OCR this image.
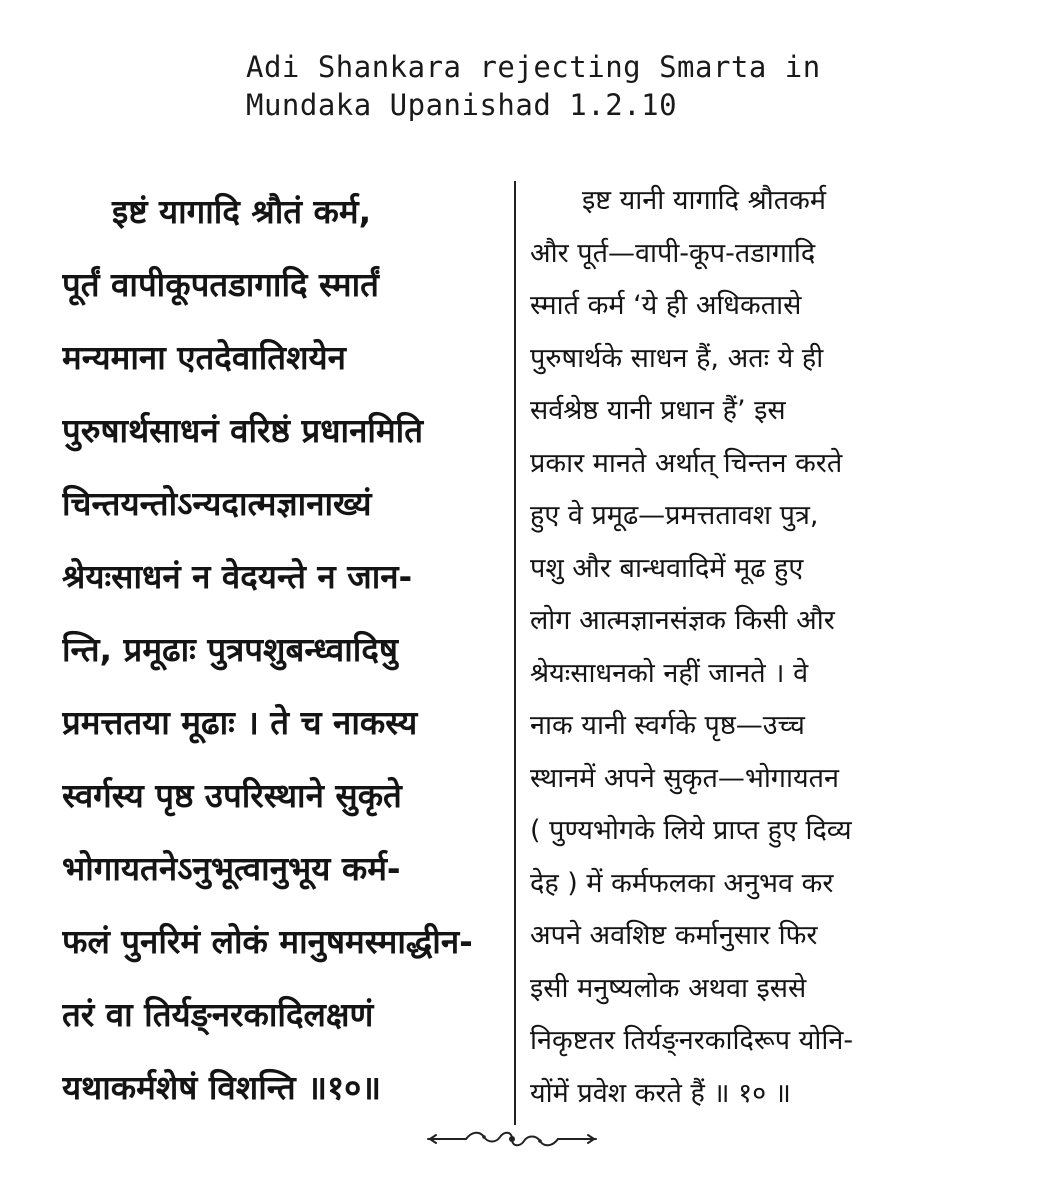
Adi Shankara rejecting Smarta in
Mundaka Upanishad 1.2.10
इष्टं यागादि श्रौतं कर्म,
पूर्तं वापीकूपतडागादि स्मार्तं
मन्यमाना एतदेवातिशयेन
पुरुषार्थसाधनं वरिष्ठं प्रधानमिति
चिन्तयन्तोऽन्यदात्मज्ञानाख्यं
श्रेयःसाधनं न वेदयन्ते न जान-
न्ति, प्रमूढाः पुत्रपशुबन्ध्वादिषु
प्रमत्ततया मूढाः । ते च नाकस्य
स्वर्गस्य पृष्ठ उपरिस्थाने सुकृते
भोगायतनेऽनुभूत्वानुभूय कर्म-
फलं पुनरिमं लोकं मानुषमस्माद्धीन-
तरं वा तिर्यङ्नरकादिलक्षणं
यथाकर्मशेषं विशन्ति ॥१०॥
इष्ट यानी यागादि श्रौतकर्म
और पूर्त—वापी-कूप-तडागादि
स्मार्त कर्म ‘ये ही अधिकतासे
पुरुषार्थके साधन हैं, अतः ये ही
सर्वश्रेष्ठ यानी प्रधान हैं’ इस
प्रकार मानते अर्थात् चिन्तन करते
हुए वे प्रमूढ—प्रमत्ततावश पुत्र,
पशु और बान्धवादिमें मूढ हुए
लोग आत्मज्ञानसंज्ञक किसी और
श्रेयःसाधनको नहीं जानते । वे
नाक यानी स्वर्गके पृष्ठ—उच्च
स्थानमें अपने सुकृत—भोगायतन
( पुण्यभोगके लिये प्राप्त हुए दिव्य
देह ) में कर्मफलका अनुभव कर
अपने अवशिष्ट कर्मानुसार फिर
इसी मनुष्यलोक अथवा इससे
निकृष्टतर तिर्यङ्नरकादिरूप योनि-
योंमें प्रवेश करते हैं ॥ १० ॥
